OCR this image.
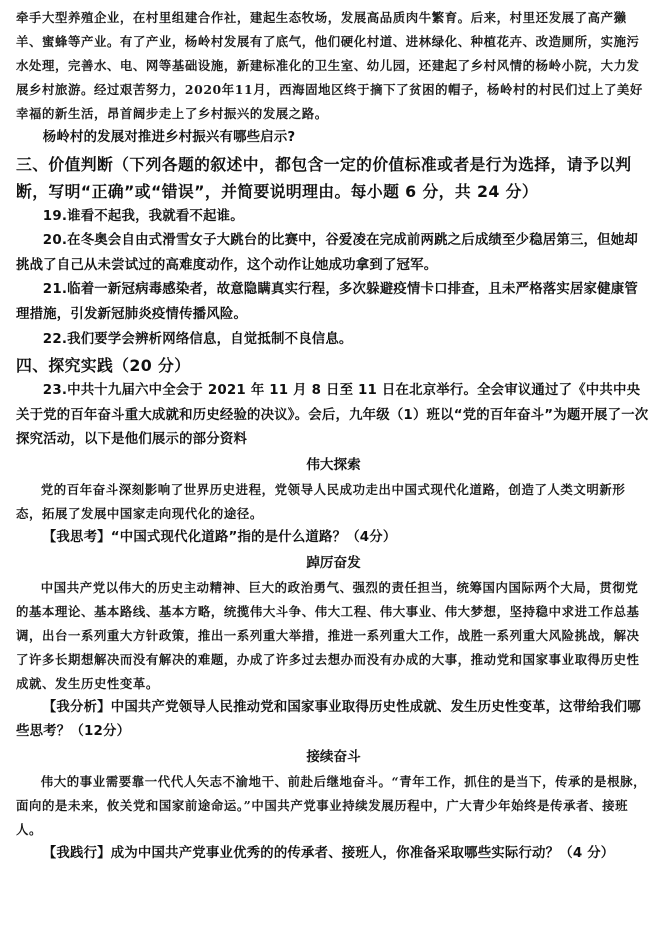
牵手大型养殖企业，在村里组建合作社，建起生态牧场，发展高品质肉牛繁育。后来，村里还发展了高产獭羊、蜜蜂等产业。有了产业，杨岭村发展有了底气，他们硬化村道、进林绿化、种植花卉、改造厕所，实施污水处理，完善水、电、网等基础设施，新建标准化的卫生室、幼儿园，还建起了乡村风情的杨岭小院，大力发展乡村旅游。经过艰苦努力，2020年11月，西海固地区终于摘下了贫困的帽子，杨岭村的村民们过上了美好幸福的新生活，昂首阔步走上了乡村振兴的发展之路。

杨岭村的发展对推进乡村振兴有哪些启示?

三、价值判断（下列各题的叙述中，都包含一定的价值标准或者是行为选择，请予以判断，写明“正确”或“错误”，并简要说明理由。每小题 6 分，共 24 分）

19.谁看不起我，我就看不起谁。

20.在冬奥会自由式滑雪女子大跳台的比赛中，谷爱凌在完成前两跳之后成绩至少稳居第三，但她却挑战了自己从未尝试过的高难度动作，这个动作让她成功拿到了冠军。

21.临着一新冠病毒感染者，故意隐瞒真实行程，多次躲避疫情卡口排查，且未严格落实居家健康管理措施，引发新冠肺炎疫情传播风险。

22.我们要学会辨析网络信息，自觉抵制不良信息。

四、探究实践（20 分）

23.中共十九届六中全会于 2021 年 11 月 8 日至 11 日在北京举行。全会审议通过了《中共中央关于党的百年奋斗重大成就和历史经验的决议》。会后，九年级（1）班以“党的百年奋斗”为题开展了一次探究活动，以下是他们展示的部分资料

伟大探索

党的百年奋斗深刻影响了世界历史进程，党领导人民成功走出中国式现代化道路，创造了人类文明新形态，拓展了发展中国家走向现代化的途径。

【我思考】“中国式现代化道路”指的是什么道路？（4分）

踔厉奋发

中国共产党以伟大的历史主动精神、巨大的政治勇气、强烈的责任担当，统筹国内国际两个大局，贯彻党的基本理论、基本路线、基本方略，统揽伟大斗争、伟大工程、伟大事业、伟大梦想，坚持稳中求进工作总基调，出台一系列重大方针政策，推出一系列重大举措，推进一系列重大工作，战胜一系列重大风险挑战，解决了许多长期想解决而没有解决的难题，办成了许多过去想办而没有办成的大事，推动党和国家事业取得历史性成就、发生历史性变革。

【我分析】中国共产党领导人民推动党和国家事业取得历史性成就、发生历史性变革，这带给我们哪些思考？（12分）

接续奋斗

伟大的事业需要靠一代代人矢志不渝地干、前赴后继地奋斗。“青年工作，抓住的是当下，传承的是根脉，面向的是未来，攸关党和国家前途命运。”中国共产党事业持续发展历程中，广大青少年始终是传承者、接班人。

【我践行】成为中国共产党事业优秀的的传承者、接班人，你准备采取哪些实际行动？（4 分）
